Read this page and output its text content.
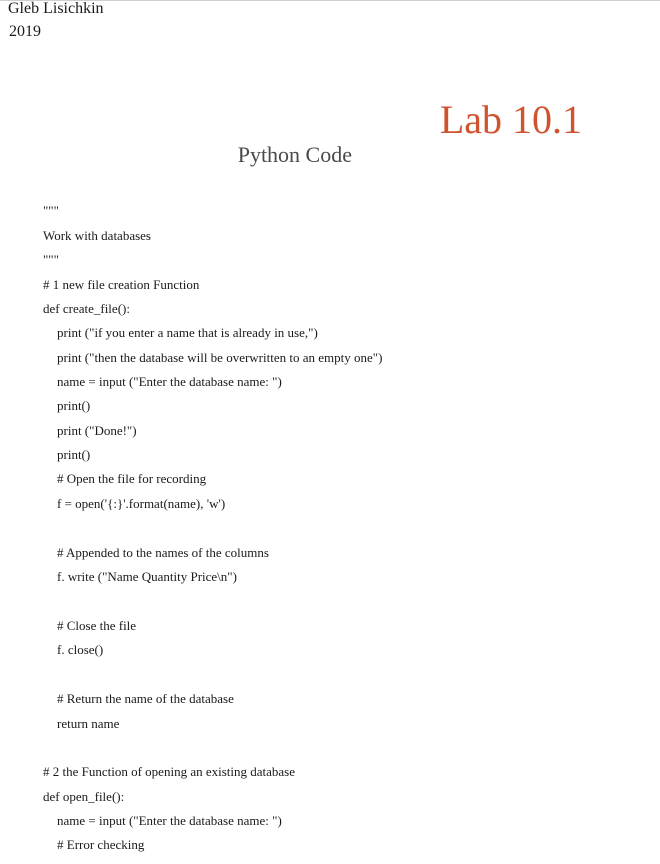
Gleb Lisichkin
2019
Lab 10.1
Python Code
"""
Work with databases
"""
# 1 new file creation Function
def create_file():
print ("if you enter a name that is already in use,")
print ("then the database will be overwritten to an empty one")
name = input ("Enter the database name: ")
print()
print ("Done!")
print()
# Open the file for recording
f = open('{:}'.format(name), 'w')
# Appended to the names of the columns
f. write ("Name Quantity Price\n")
# Close the file
f. close()
# Return the name of the database
return name
# 2 the Function of opening an existing database
def open_file():
name = input ("Enter the database name: ")
# Error checking
